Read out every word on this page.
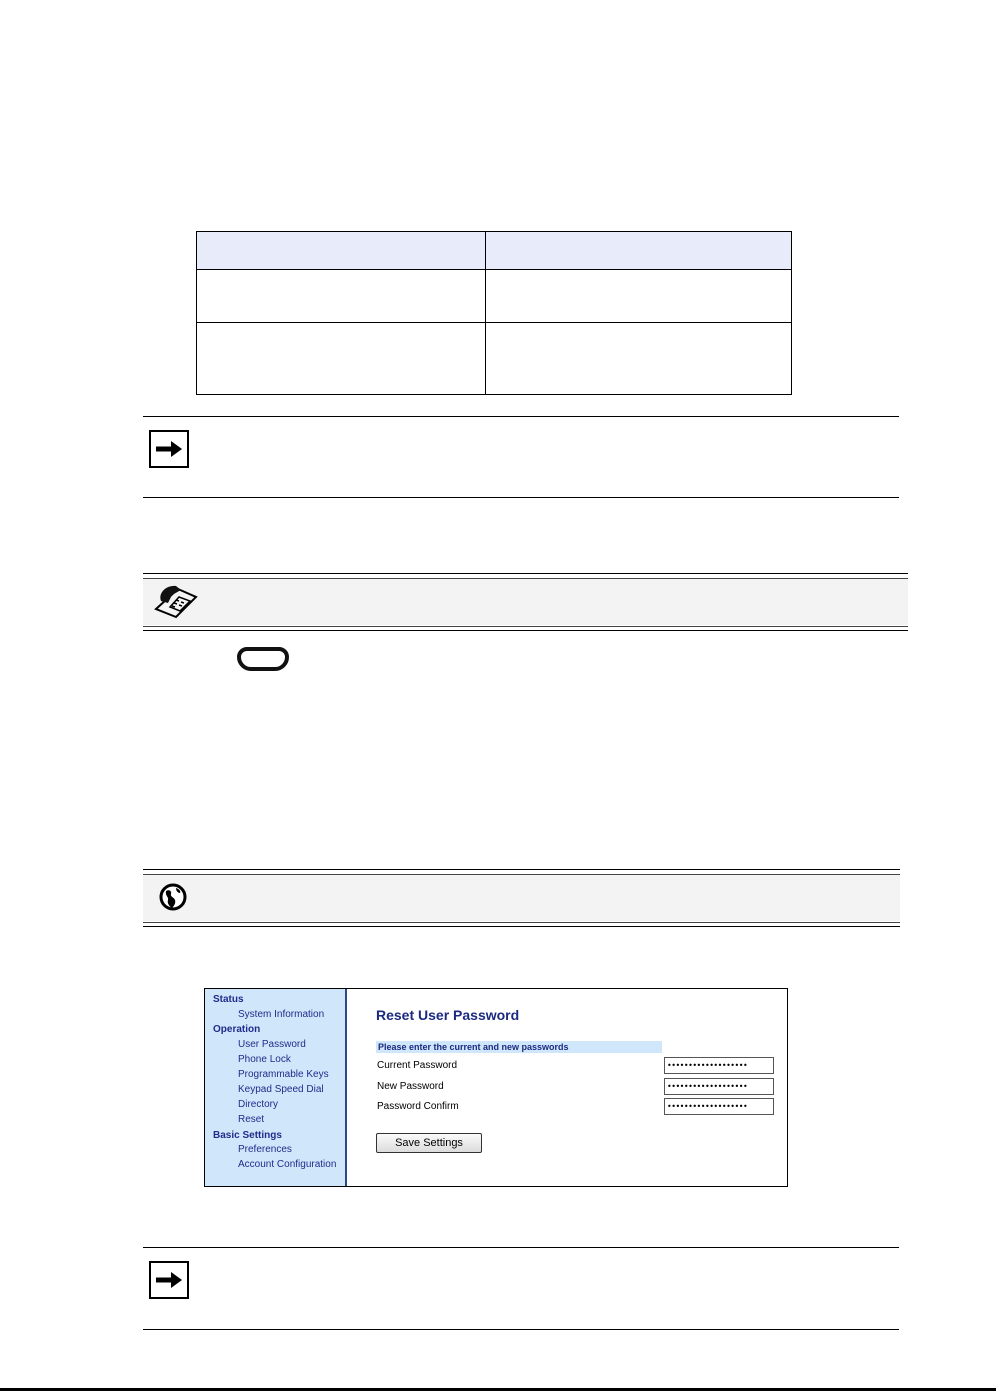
Status
System Information
Operation
User Password
Phone Lock
Programmable Keys
Keypad Speed Dial
Directory
Reset
Basic Settings
Preferences
Account Configuration
Reset User Password
Please enter the current and new passwords
Current Password	•••••••••••••••••••
New Password	•••••••••••••••••••
Password Confirm	•••••••••••••••••••
Save Settings
